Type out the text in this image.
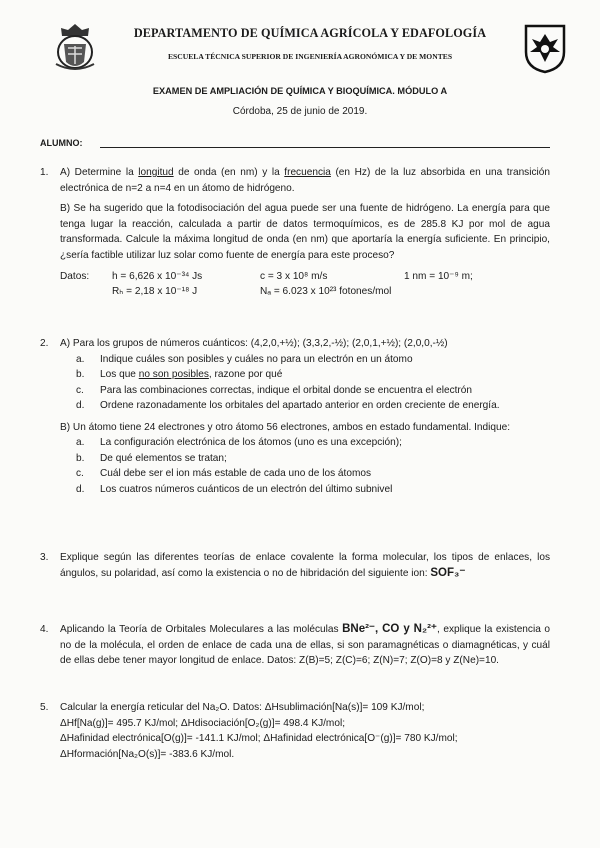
DEPARTAMENTO DE QUÍMICA AGRÍCOLA Y EDAFOLOGÍA
ESCUELA TÉCNICA SUPERIOR DE INGENIERÍA AGRONÓMICA Y DE MONTES
EXAMEN DE AMPLIACIÓN DE QUÍMICA Y BIOQUÍMICA. MÓDULO A
Córdoba, 25 de junio de 2019.
ALUMNO:
1.	A) Determine la longitud de onda (en nm) y la frecuencia (en Hz) de la luz absorbida en una transición electrónica de n=2 a n=4 en un átomo de hidrógeno.
B) Se ha sugerido que la fotodisociación del agua puede ser una fuente de hidrógeno. La energía para que tenga lugar la reacción, calculada a partir de datos termoquímicos, es de 285.8 KJ por mol de agua transformada. Calcule la máxima longitud de onda (en nm) que aportaría la energía suficiente. En principio, ¿sería factible utilizar luz solar como fuente de energía para este proceso?
Datos: h = 6,626 x 10⁻³⁴ Js	c = 3 x 10⁸ m/s	1 nm = 10⁻⁹ m;
Rₕ = 2,18 x 10⁻¹⁸ J	Nₐ = 6.023 x 10²³ fotones/mol
2.	A) Para los grupos de números cuánticos: (4,2,0,+½); (3,3,2,-½); (2,0,1,+½); (2,0,0,-½)
a. Indique cuáles son posibles y cuáles no para un electrón en un átomo
b. Los que no son posibles, razone por qué
c. Para las combinaciones correctas, indique el orbital donde se encuentra el electrón
d. Ordene razonadamente los orbitales del apartado anterior en orden creciente de energía.
B) Un átomo tiene 24 electrones y otro átomo 56 electrones, ambos en estado fundamental. Indique:
a. La configuración electrónica de los átomos (uno es una excepción);
b. De qué elementos se tratan;
c. Cuál debe ser el ion más estable de cada uno de los átomos
d. Los cuatros números cuánticos de un electrón del último subnivel
3.	Explique según las diferentes teorías de enlace covalente la forma molecular, los tipos de enlaces, los ángulos, su polaridad, así como la existencia o no de hibridación del siguiente ion: SOF₃⁻
4.	Aplicando la Teoría de Orbitales Moleculares a las moléculas BNe²⁻, CO y N₂²⁺, explique la existencia o no de la molécula, el orden de enlace de cada una de ellas, si son paramagnéticas o diamagnéticas, y cuál de ellas debe tener mayor longitud de enlace. Datos: Z(B)=5; Z(C)=6; Z(N)=7; Z(O)=8 y Z(Ne)=10.
5.	Calcular la energía reticular del Na₂O. Datos: ΔHsublimación[Na(s)]= 109 KJ/mol;
ΔHf[Na(g)]= 495.7 KJ/mol; ΔHdisociación[O₂(g)]= 498.4 KJ/mol;
ΔHafinidad electrónica[O(g)]= -141.1 KJ/mol; ΔHafinidad electrónica[O⁻(g)]= 780 KJ/mol;
ΔHformación[Na₂O(s)]= -383.6 KJ/mol.
